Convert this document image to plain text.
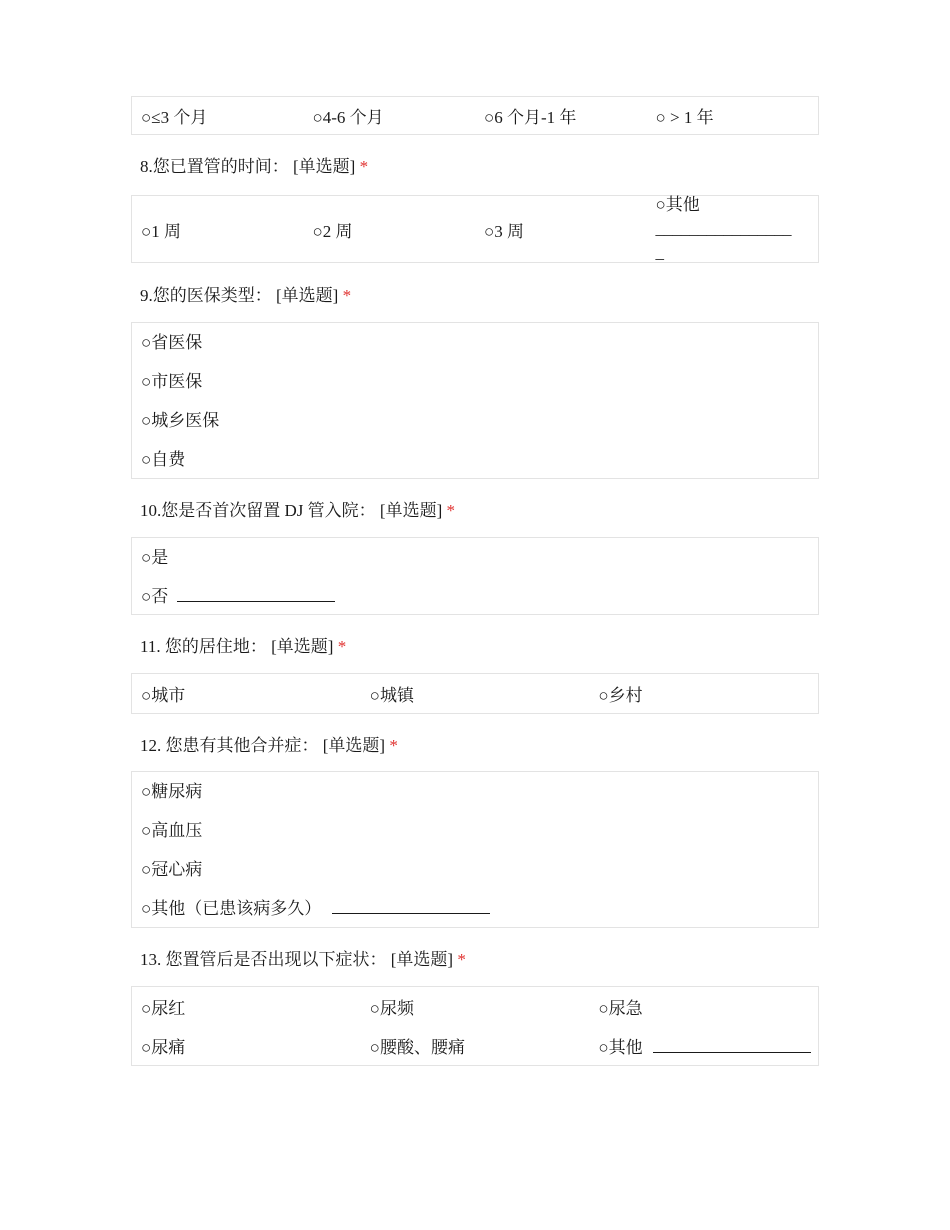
○≤3 个月	○4-6 个月	○6 个月-1 年	○ > 1 年

8.您已置管的时间： [单选题] *

○1 周	○2 周	○3 周
○其他
________________
_

9.您的医保类型： [单选题] *

○省医保
○市医保
○城乡医保
○自费

10.您是否首次留置 DJ 管入院： [单选题] *

○是
○否

11. 您的居住地： [单选题] *

○城市	○城镇	○乡村

12. 您患有其他合并症： [单选题] *

○糖尿病
○高血压
○冠心病
○其他（已患该病多久）

13. 您置管后是否出现以下症状： [单选题] *

○尿红	○尿频	○尿急
○尿痛	○腰酸、腰痛	○其他
